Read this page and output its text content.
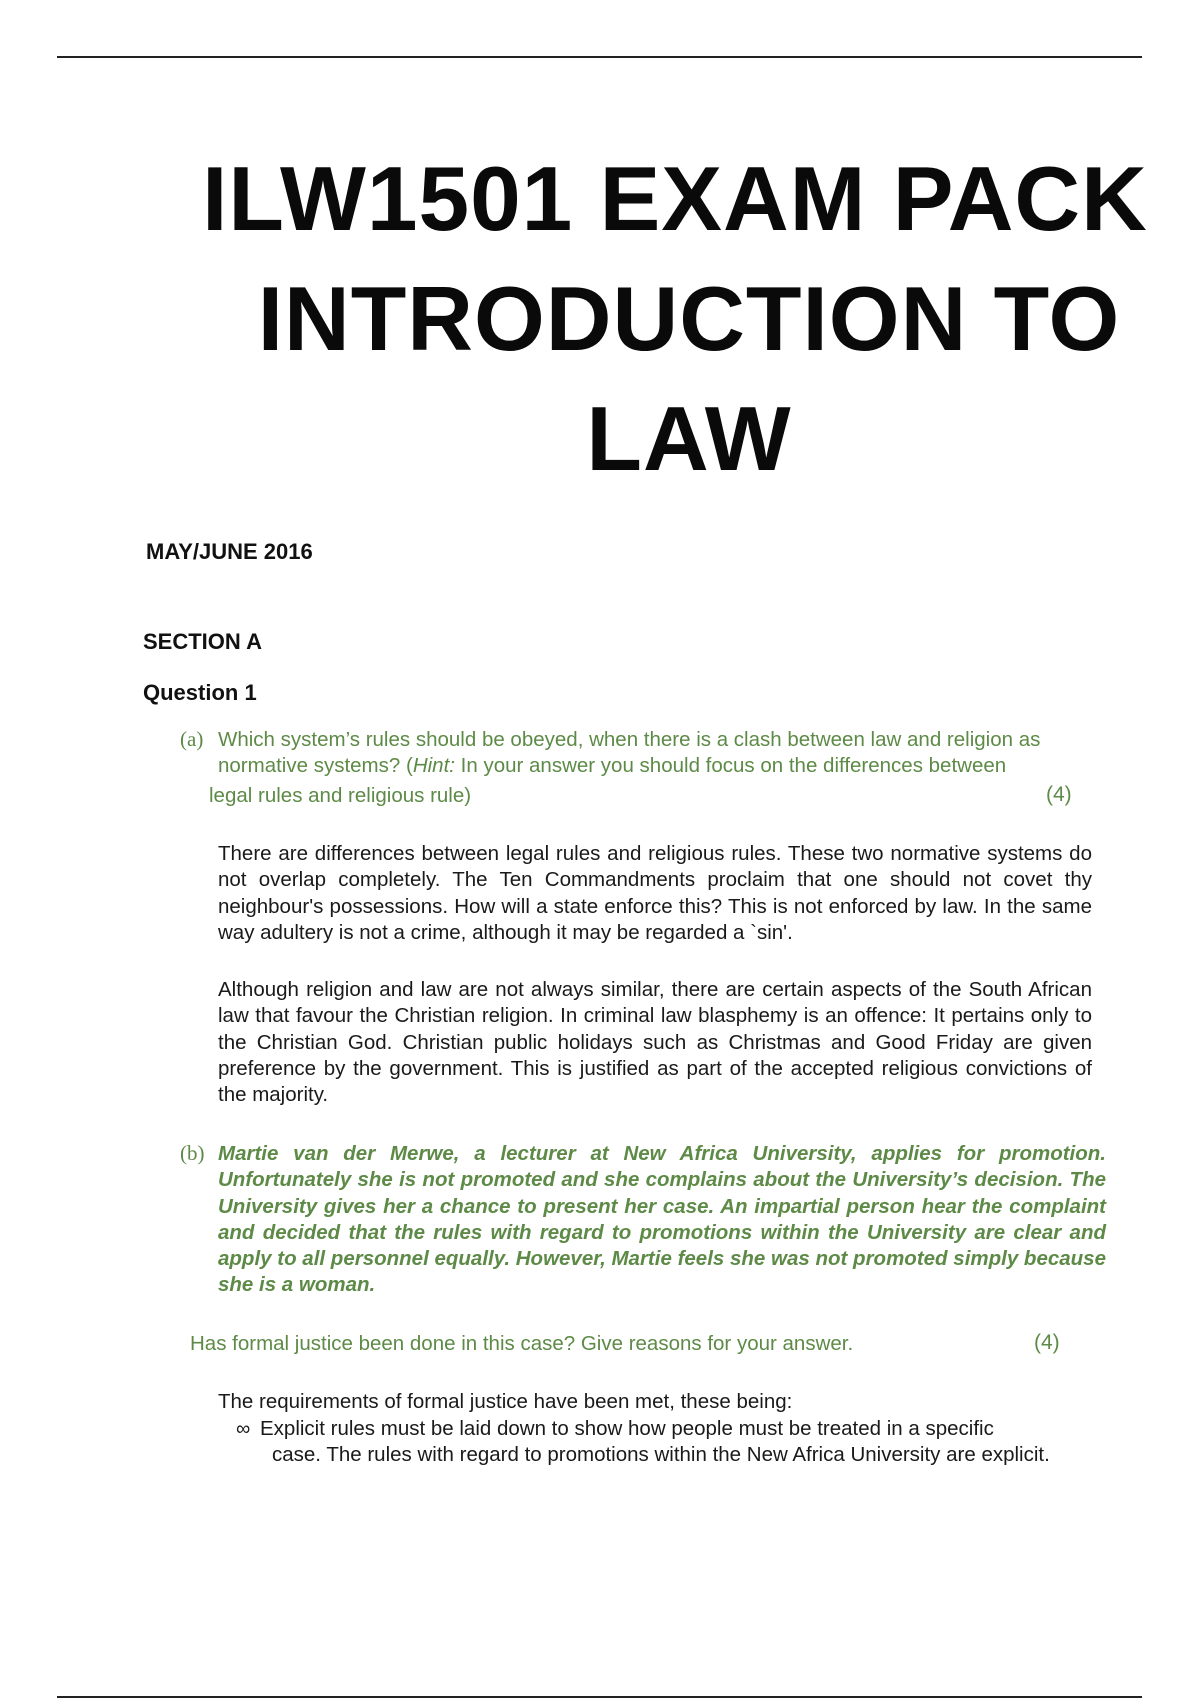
ILW1501 EXAM PACK
INTRODUCTION TO
LAW
MAY/JUNE 2016
SECTION A
Question 1
(a) Which system’s rules should be obeyed, when there is a clash between law and religion as
normative systems? (Hint: In your answer you should focus on the differences between
legal rules and religious rule)	(4)
There are differences between legal rules and religious rules. These two normative systems do not overlap completely. The Ten Commandments proclaim that one should not covet thy neighbour's possessions. How will a state enforce this? This is not enforced by law. In the same way adultery is not a crime, although it may be regarded a `sin'.
Although religion and law are not always similar, there are certain aspects of the South African law that favour the Christian religion. In criminal law blasphemy is an offence: It pertains only to the Christian God. Christian public holidays such as Christmas and Good Friday are given preference by the government. This is justified as part of the accepted religious convictions of the majority.
(b) Martie van der Merwe, a lecturer at New Africa University, applies for promotion. Unfortunately she is not promoted and she complains about the University’s decision. The University gives her a chance to present her case. An impartial person hear the complaint and decided that the rules with regard to promotions within the University are clear and apply to all personnel equally. However, Martie feels she was not promoted simply because she is a woman.
Has formal justice been done in this case? Give reasons for your answer.	(4)
The requirements of formal justice have been met, these being:
∞ Explicit rules must be laid down to show how people must be treated in a specific
case. The rules with regard to promotions within the New Africa University are explicit.
